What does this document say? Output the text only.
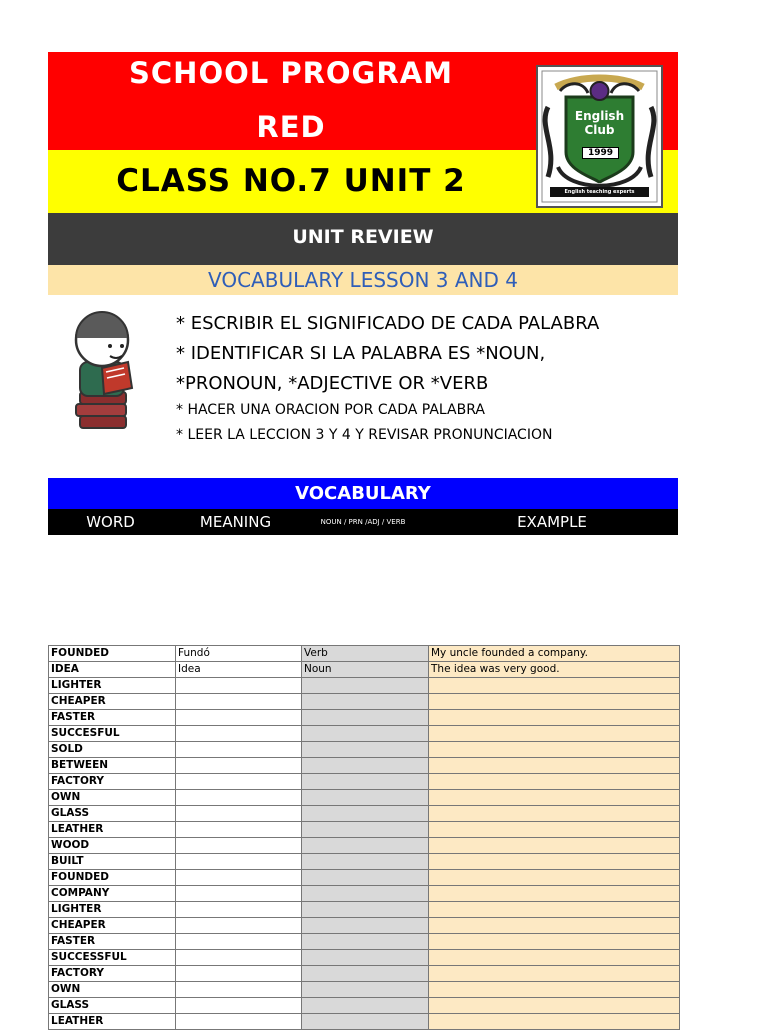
SCHOOL PROGRAM
RED
CLASS NO.7 UNIT 2
UNIT REVIEW
VOCABULARY LESSON 3 AND 4
English
Club
1999
English teaching experts
* ESCRIBIR EL SIGNIFICADO DE CADA PALABRA
* IDENTIFICAR SI LA PALABRA ES *NOUN,
*PRONOUN, *ADJECTIVE OR *VERB
* HACER UNA ORACION POR CADA PALABRA
* LEER LA LECCION 3 Y 4 Y REVISAR PRONUNCIACION
VOCABULARY
WORD	MEANING	NOUN / PRN /ADJ / VERB	EXAMPLE
FOUNDED	Fundó	Verb	My uncle founded a company.
IDEA	Idea	Noun	The idea was very good.
LIGHTER			
CHEAPER			
FASTER			
SUCCESFUL			
SOLD			
BETWEEN			
FACTORY			
OWN			
GLASS			
LEATHER			
WOOD			
BUILT			
FOUNDED			
COMPANY			
LIGHTER			
CHEAPER			
FASTER			
SUCCESSFUL			
FACTORY			
OWN			
GLASS			
LEATHER			
